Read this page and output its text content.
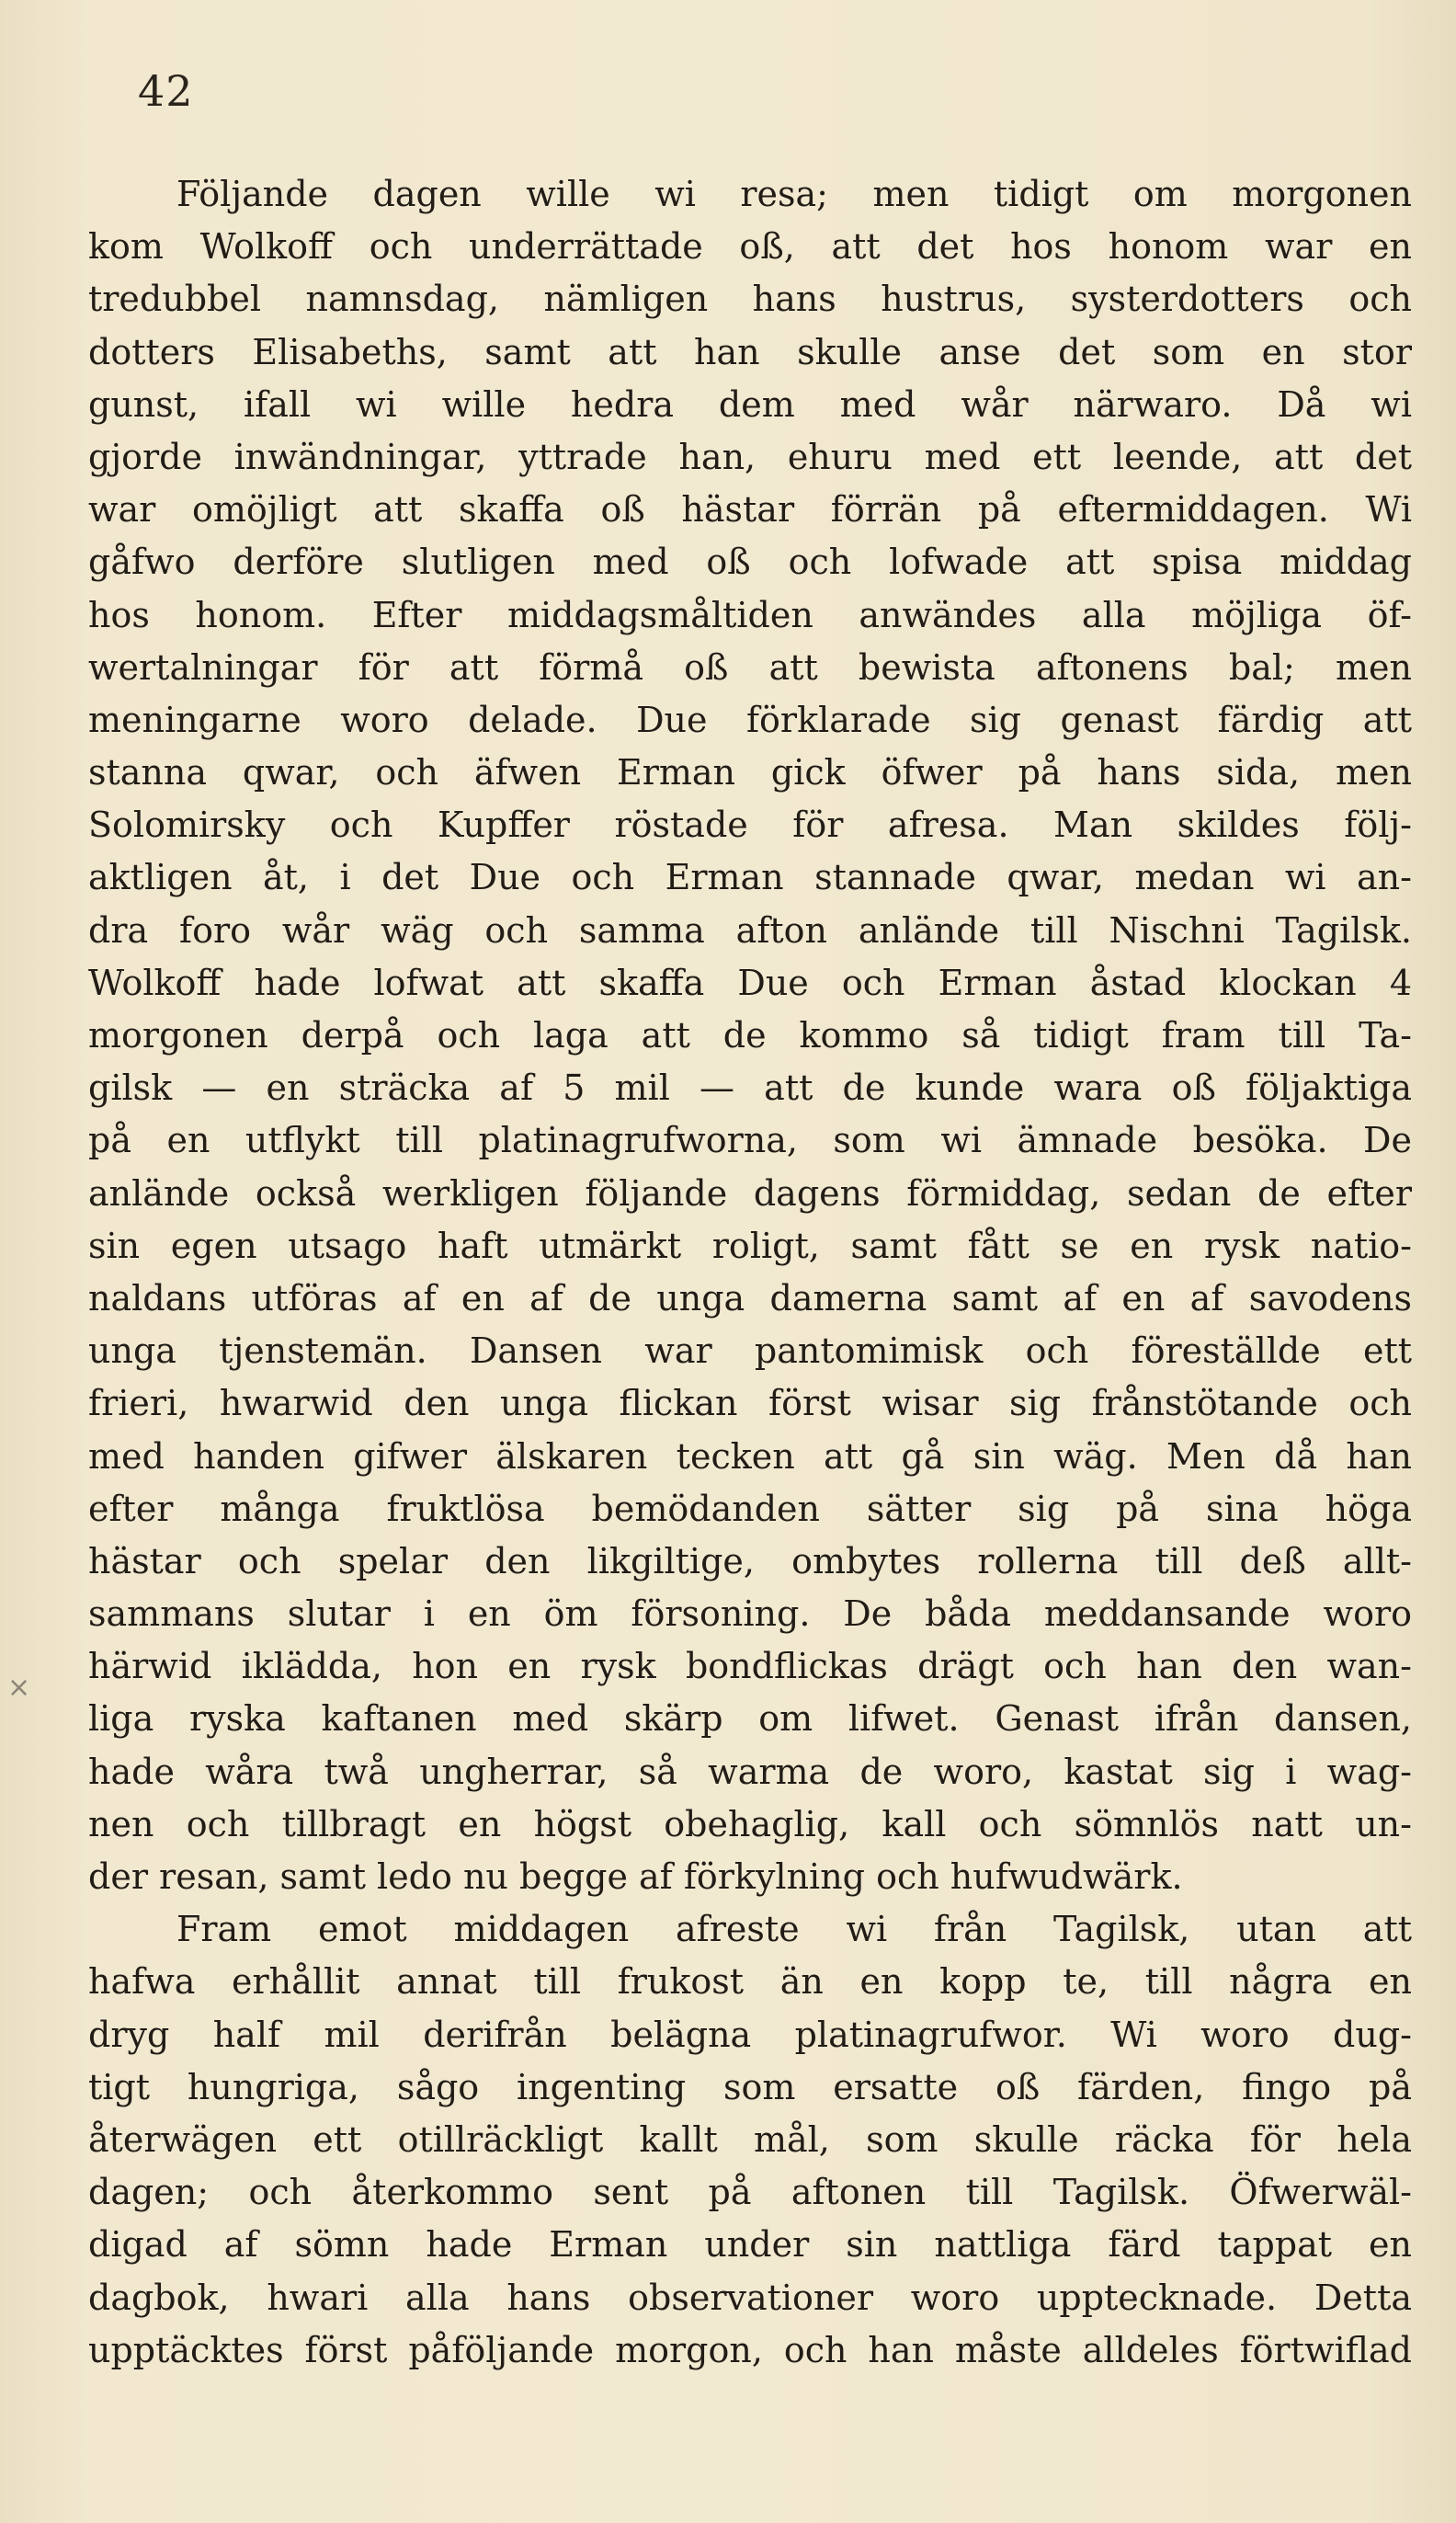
42
×
Följande dagen wille wi resa; men tidigt om morgonen
kom Wolkoff och underrättade oß, att det hos honom war en
tredubbel namnsdag, nämligen hans hustrus, systerdotters och
dotters Elisabeths, samt att han skulle anse det som en stor
gunst, ifall wi wille hedra dem med wår närwaro. Då wi
gjorde inwändningar, yttrade han, ehuru med ett leende, att det
war omöjligt att skaffa oß hästar förrän på eftermiddagen. Wi
gåfwo derföre slutligen med oß och lofwade att spisa middag
hos honom. Efter middagsmåltiden anwändes alla möjliga öf-
wertalningar för att förmå oß att bewista aftonens bal; men
meningarne woro delade. Due förklarade sig genast färdig att
stanna qwar, och äfwen Erman gick öfwer på hans sida, men
Solomirsky och Kupffer röstade för afresa. Man skildes följ-
aktligen åt, i det Due och Erman stannade qwar, medan wi an-
dra foro wår wäg och samma afton anlände till Nischni Tagilsk.
Wolkoff hade lofwat att skaffa Due och Erman åstad klockan 4
morgonen derpå och laga att de kommo så tidigt fram till Ta-
gilsk — en sträcka af 5 mil — att de kunde wara oß följaktiga
på en utflykt till platinagrufworna, som wi ämnade besöka. De
anlände också werkligen följande dagens förmiddag, sedan de efter
sin egen utsago haft utmärkt roligt, samt fått se en rysk natio-
naldans utföras af en af de unga damerna samt af en af savodens
unga tjenstemän. Dansen war pantomimisk och föreställde ett
frieri, hwarwid den unga flickan först wisar sig frånstötande och
med handen gifwer älskaren tecken att gå sin wäg. Men då han
efter många fruktlösa bemödanden sätter sig på sina höga
hästar och spelar den likgiltige, ombytes rollerna till deß allt-
sammans slutar i en öm försoning. De båda meddansande woro
härwid iklädda, hon en rysk bondflickas drägt och han den wan-
liga ryska kaftanen med skärp om lifwet. Genast ifrån dansen,
hade wåra twå ungherrar, så warma de woro, kastat sig i wag-
nen och tillbragt en högst obehaglig, kall och sömnlös natt un-
der resan, samt ledo nu begge af förkylning och hufwudwärk.
Fram emot middagen afreste wi från Tagilsk, utan att
hafwa erhållit annat till frukost än en kopp te, till några en
dryg half mil derifrån belägna platinagrufwor. Wi woro dug-
tigt hungriga, sågo ingenting som ersatte oß färden, fingo på
återwägen ett otillräckligt kallt mål, som skulle räcka för hela
dagen; och återkommo sent på aftonen till Tagilsk. Öfwerwäl-
digad af sömn hade Erman under sin nattliga färd tappat en
dagbok, hwari alla hans observationer woro upptecknade. Detta
upptäcktes först påföljande morgon, och han måste alldeles förtwiflad
